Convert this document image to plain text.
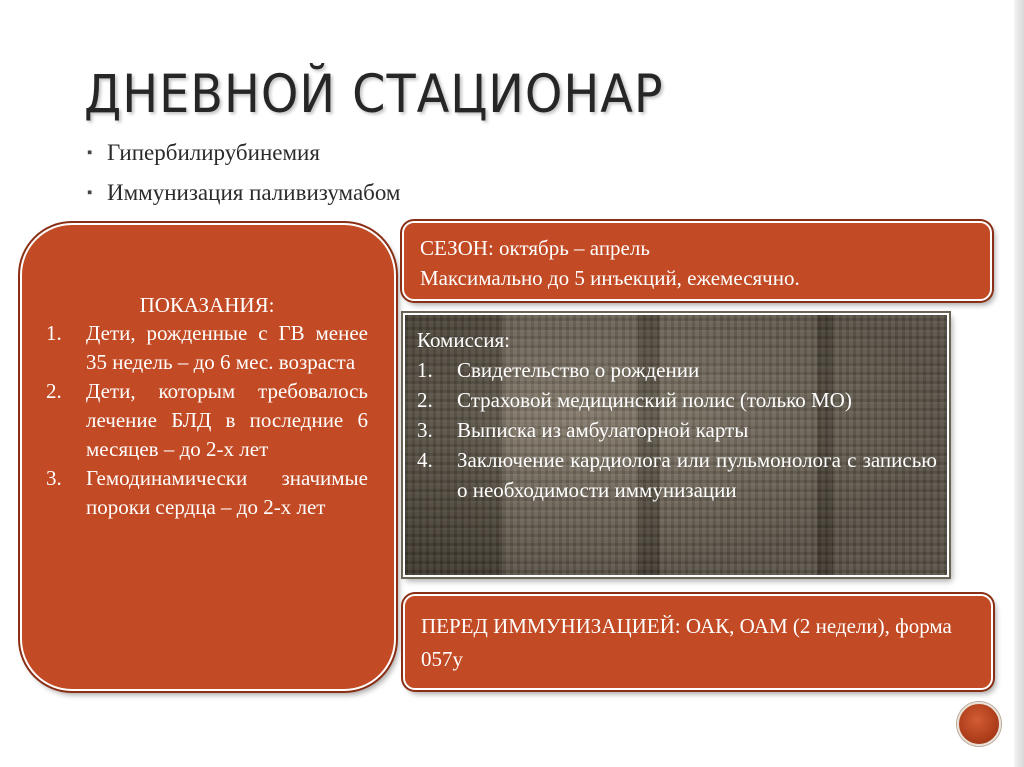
ДНЕВНОЙ СТАЦИОНАР
▪ Гипербилирубинемия
▪ Иммунизация паливизумабом

ПОКАЗАНИЯ:

1. Дети, рожденные с ГВ менее 35 недель – до 6 мес. возраста
2. Дети, которым требовалось лечение БЛД в последние 6 месяцев – до 2-х лет
3. Гемодинамически значимые пороки сердца – до 2-х лет
СЕЗОН: октябрь – апрель
Максимально до 5 инъекций, ежемесячно.

Комиссия:

1. Свидетельство о рождении
2. Страховой медицинский полис (только МО)
3. Выписка из амбулаторной карты
4. Заключение кардиолога или пульмонолога с записью о необходимости иммунизации
ПЕРЕД ИММУНИЗАЦИЕЙ: ОАК, ОАМ (2 недели), форма 057у
